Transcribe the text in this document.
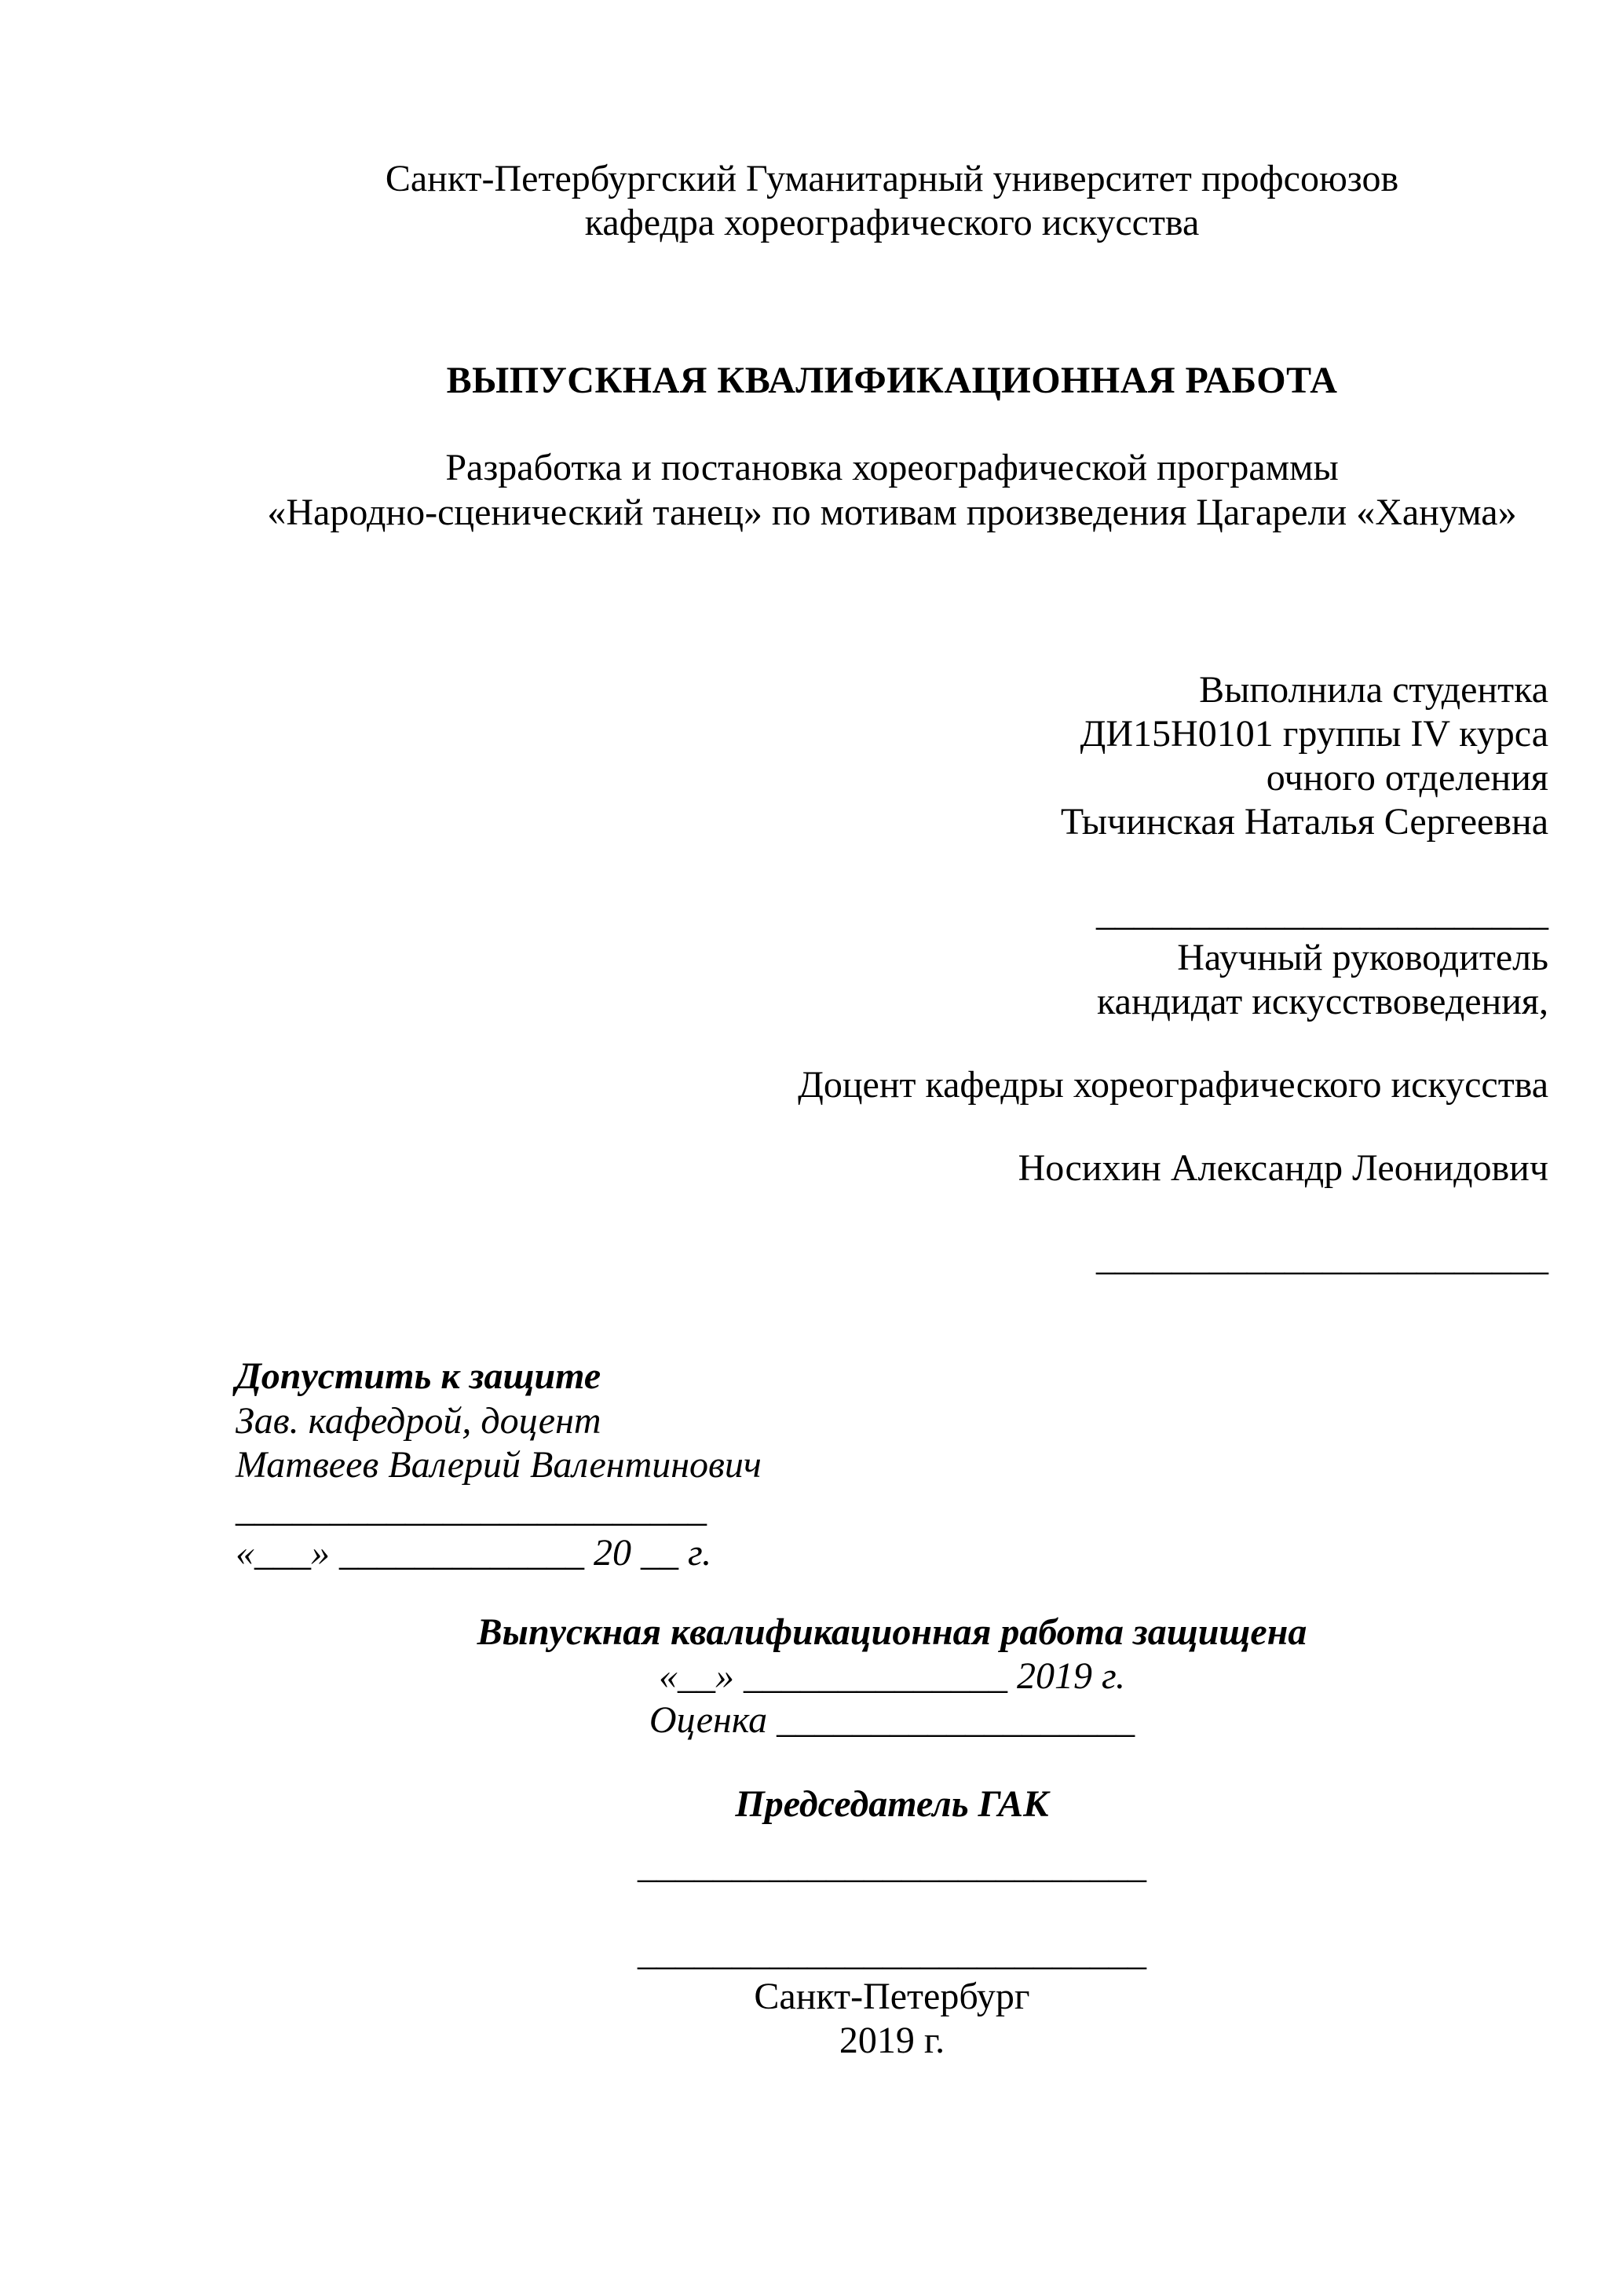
Санкт-Петербургский Гуманитарный университет профсоюзов
кафедра хореографического искусства
ВЫПУСКНАЯ КВАЛИФИКАЦИОННАЯ РАБОТА
Разработка и постановка хореографической программы
«Народно-сценический танец» по мотивам произведения Цагарели «Ханума»
Выполнила студентка
ДИ15Н0101 группы IV курса
очного отделения
Тычинская Наталья Сергеевна
________________________
Научный руководитель
кандидат искусствоведения,
Доцент кафедры хореографического искусства
Носихин Александр Леонидович
________________________
Допустить к защите
Зав. кафедрой, доцент
Матвеев Валерий Валентинович
_________________________
«___» _____________ 20 __ г.
Выпускная квалификационная работа защищена
«__» ______________ 2019 г.
Оценка ___________________
Председатель ГАК
___________________________
___________________________
Санкт-Петербург
2019 г.
